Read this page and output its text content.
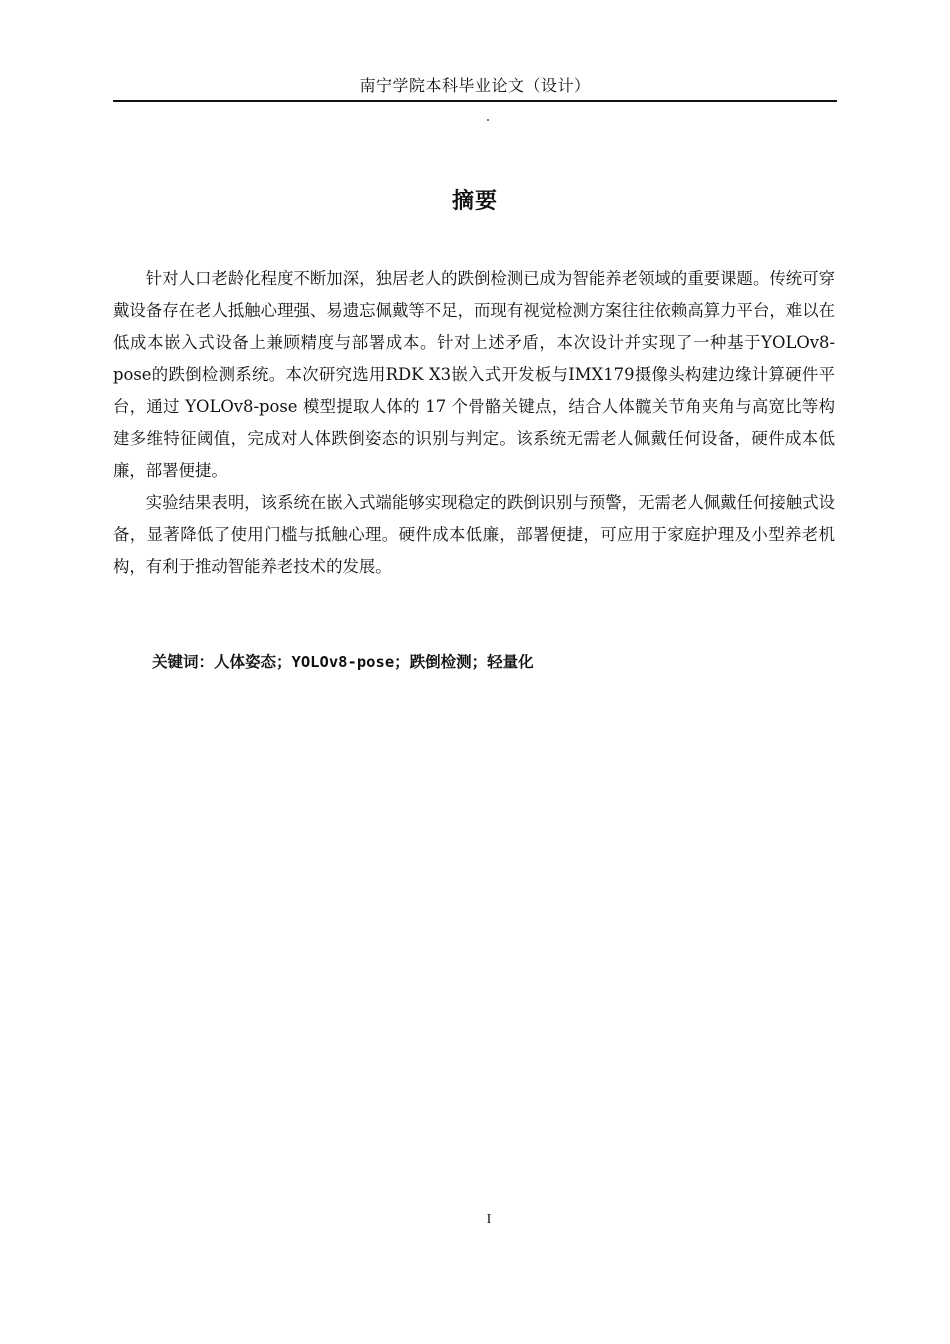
南宁学院本科毕业论文（设计）
摘要

针对人口老龄化程度不断加深，独居老人的跌倒检测已成为智能养老领域的重要课题。传统可穿戴设备存在老人抵触心理强、易遗忘佩戴等不足，而现有视觉检测方案往往依赖高算力平台，难以在低成本嵌入式设备上兼顾精度与部署成本。针对上述矛盾，本次设计并实现了一种基于YOLOv8-pose的跌倒检测系统。本次研究选用RDK X3嵌入式开发板与IMX179摄像头构建边缘计算硬件平台，通过 YOLOv8-pose 模型提取人体的 17 个骨骼关键点，结合人体髋关节角夹角与高宽比等构建多维特征阈值，完成对人体跌倒姿态的识别与判定。该系统无需老人佩戴任何设备，硬件成本低廉，部署便捷。

实验结果表明，该系统在嵌入式端能够实现稳定的跌倒识别与预警，无需老人佩戴任何接触式设备，显著降低了使用门槛与抵触心理。硬件成本低廉，部署便捷，可应用于家庭护理及小型养老机构，有利于推动智能养老技术的发展。

关键词：人体姿态；YOLOv8-pose；跌倒检测；轻量化
I
